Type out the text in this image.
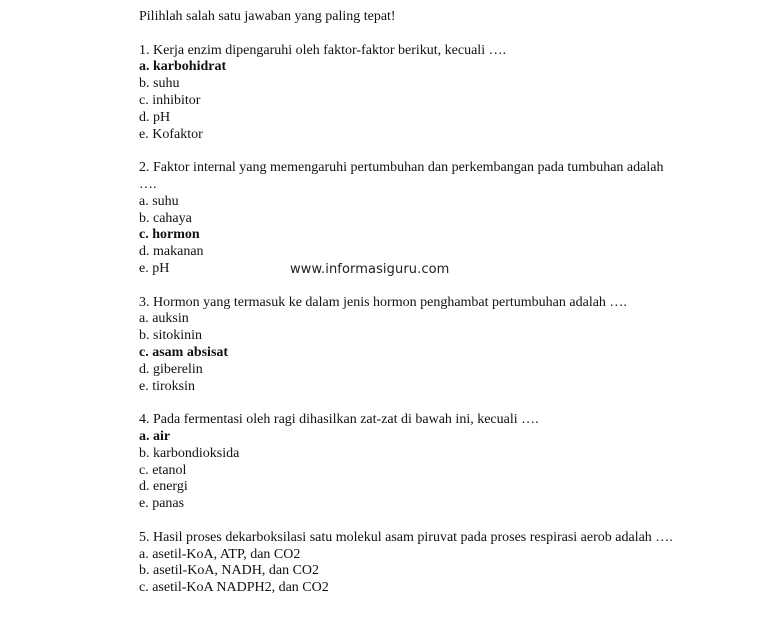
Pilihlah salah satu jawaban yang paling tepat!
1. Kerja enzim dipengaruhi oleh faktor-faktor berikut, kecuali ….
a. karbohidrat
b. suhu
c. inhibitor
d. pH
e. Kofaktor
2. Faktor internal yang memengaruhi pertumbuhan dan perkembangan pada tumbuhan adalah ….
a. suhu
b. cahaya
c. hormon
d. makanan
e. pH
3. Hormon yang termasuk ke dalam jenis hormon penghambat pertumbuhan adalah ….
a. auksin
b. sitokinin
c. asam absisat
d. giberelin
e. tiroksin
4. Pada fermentasi oleh ragi dihasilkan zat-zat di bawah ini, kecuali ….
a. air
b. karbondioksida
c. etanol
d. energi
e. panas
5. Hasil proses dekarboksilasi satu molekul asam piruvat pada proses respirasi aerob adalah ….
a. asetil-KoA, ATP, dan CO2
b. asetil-KoA, NADH, dan CO2
c. asetil-KoA NADPH2, dan CO2
www.informasiguru.com
